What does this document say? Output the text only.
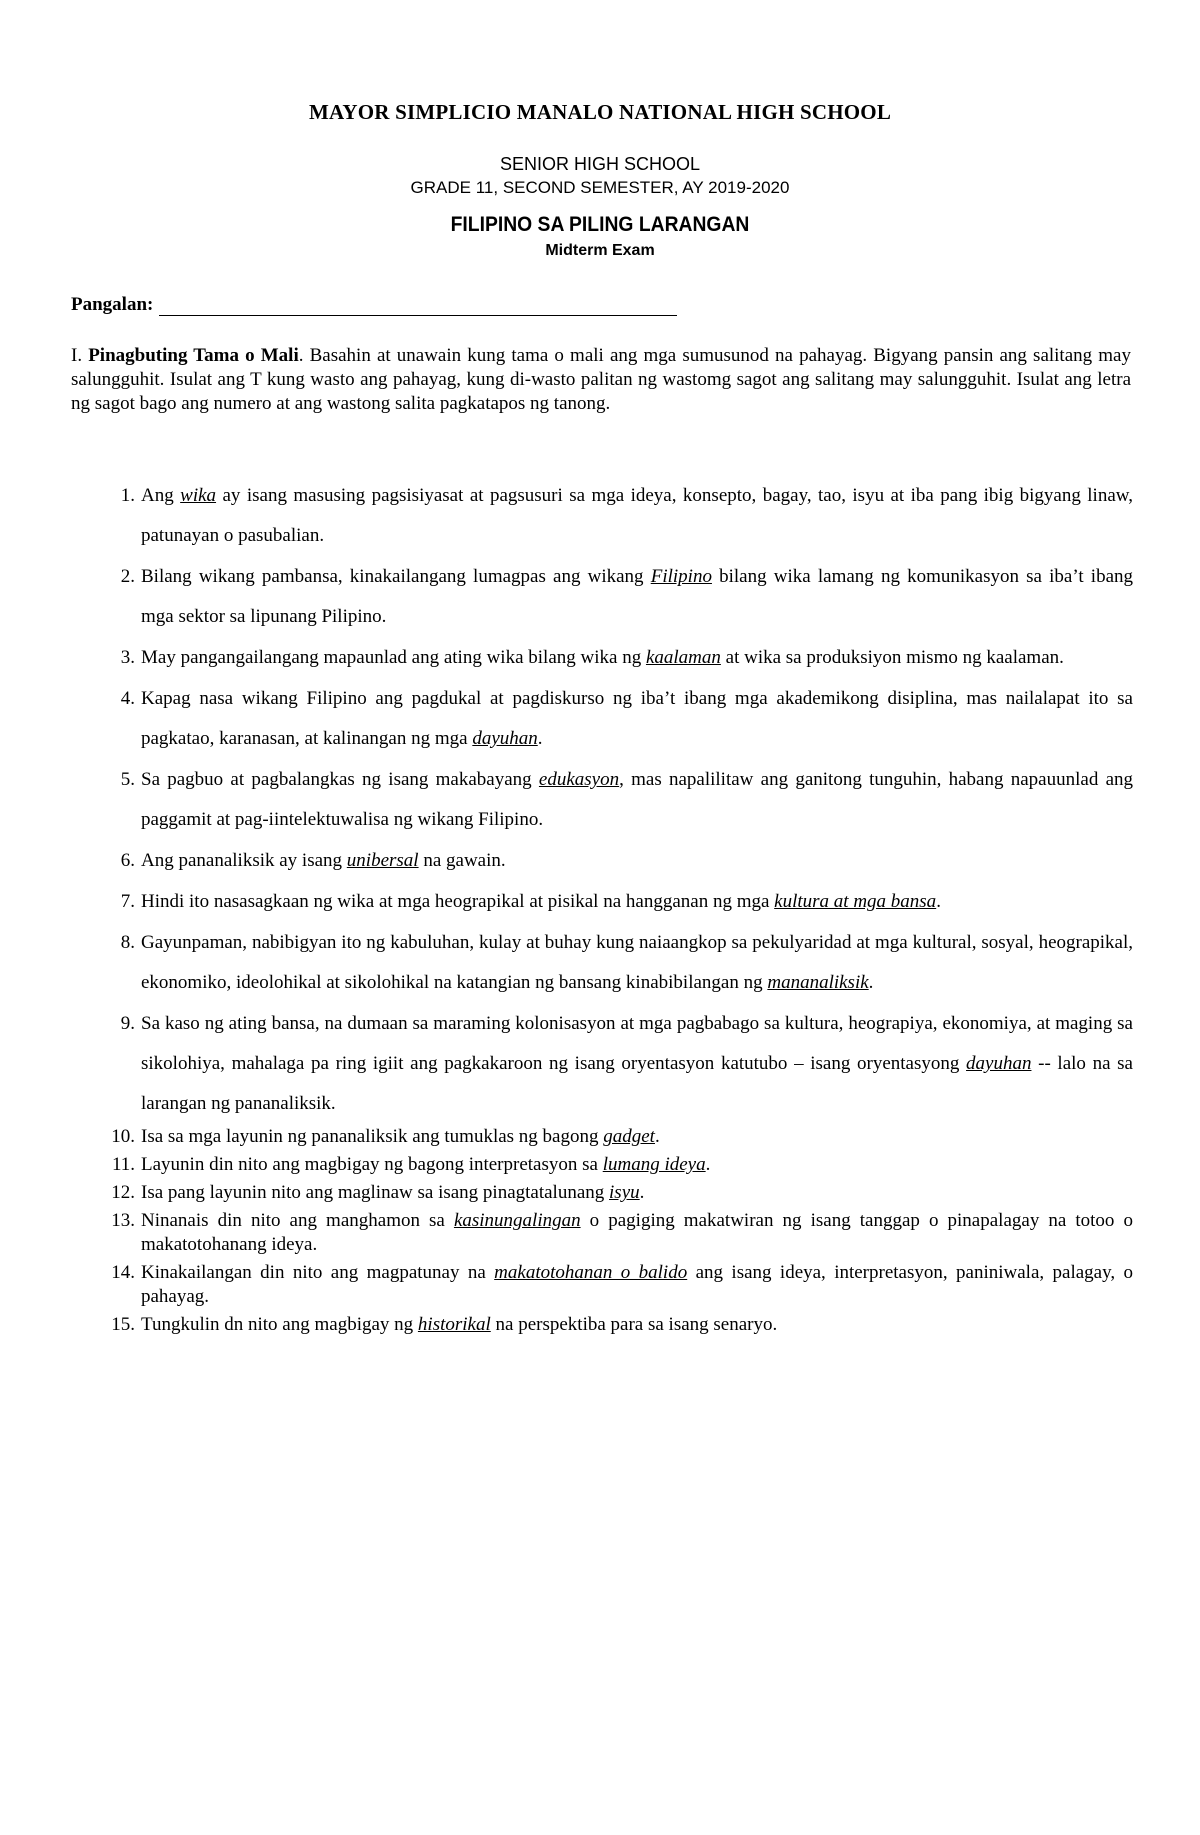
MAYOR SIMPLICIO MANALO NATIONAL HIGH SCHOOL
SENIOR HIGH SCHOOL
GRADE 11, SECOND SEMESTER, AY 2019-2020
FILIPINO SA PILING LARANGAN
Midterm Exam
Pangalan:
I. Pinagbuting Tama o Mali. Basahin at unawain kung tama o mali ang mga sumusunod na pahayag. Bigyang pansin ang salitang may salungguhit. Isulat ang T kung wasto ang pahayag, kung di-wasto palitan ng wastomg sagot ang salitang may salungguhit. Isulat ang letra ng sagot bago ang numero at ang wastong salita pagkatapos ng tanong.
1. Ang wika ay isang masusing pagsisiyasat at pagsusuri sa mga ideya, konsepto, bagay, tao, isyu at iba pang ibig bigyang linaw, patunayan o pasubalian.
2. Bilang wikang pambansa, kinakailangang lumagpas ang wikang Filipino bilang wika lamang ng komunikasyon sa iba’t ibang mga sektor sa lipunang Pilipino.
3. May pangangailangang mapaunlad ang ating wika bilang wika ng kaalaman at wika sa produksiyon mismo ng kaalaman.
4. Kapag nasa wikang Filipino ang pagdukal at pagdiskurso ng iba’t ibang mga akademikong disiplina, mas nailalapat ito sa pagkatao, karanasan, at kalinangan ng mga dayuhan.
5. Sa pagbuo at pagbalangkas ng isang makabayang edukasyon, mas napalilitaw ang ganitong tunguhin, habang napauunlad ang paggamit at pag-iintelektuwalisa ng wikang Filipino.
6. Ang pananaliksik ay isang unibersal na gawain.
7. Hindi ito nasasagkaan ng wika at mga heograpikal at pisikal na hangganan ng mga kultura at mga bansa.
8. Gayunpaman, nabibigyan ito ng kabuluhan, kulay at buhay kung naiaangkop sa pekulyaridad at mga kultural, sosyal, heograpikal, ekonomiko, ideolohikal at sikolohikal na katangian ng bansang kinabibilangan ng mananaliksik.
9. Sa kaso ng ating bansa, na dumaan sa maraming kolonisasyon at mga pagbabago sa kultura, heograpiya, ekonomiya, at maging sa sikolohiya, mahalaga pa ring igiit ang pagkakaroon ng isang oryentasyon katutubo – isang oryentasyong dayuhan -- lalo na sa larangan ng pananaliksik.
10. Isa sa mga layunin ng pananaliksik ang tumuklas ng bagong gadget.
11. Layunin din nito ang magbigay ng bagong interpretasyon sa lumang ideya.
12. Isa pang layunin nito ang maglinaw sa isang pinagtatalunang isyu.
13. Ninanais din nito ang manghamon sa kasinungalingan o pagiging makatwiran ng isang tanggap o pinapalagay na totoo o makatotohanang ideya.
14. Kinakailangan din nito ang magpatunay na makatotohanan o balido ang isang ideya, interpretasyon, paniniwala, palagay, o pahayag.
15. Tungkulin dn nito ang magbigay ng historikal na perspektiba para sa isang senaryo.
